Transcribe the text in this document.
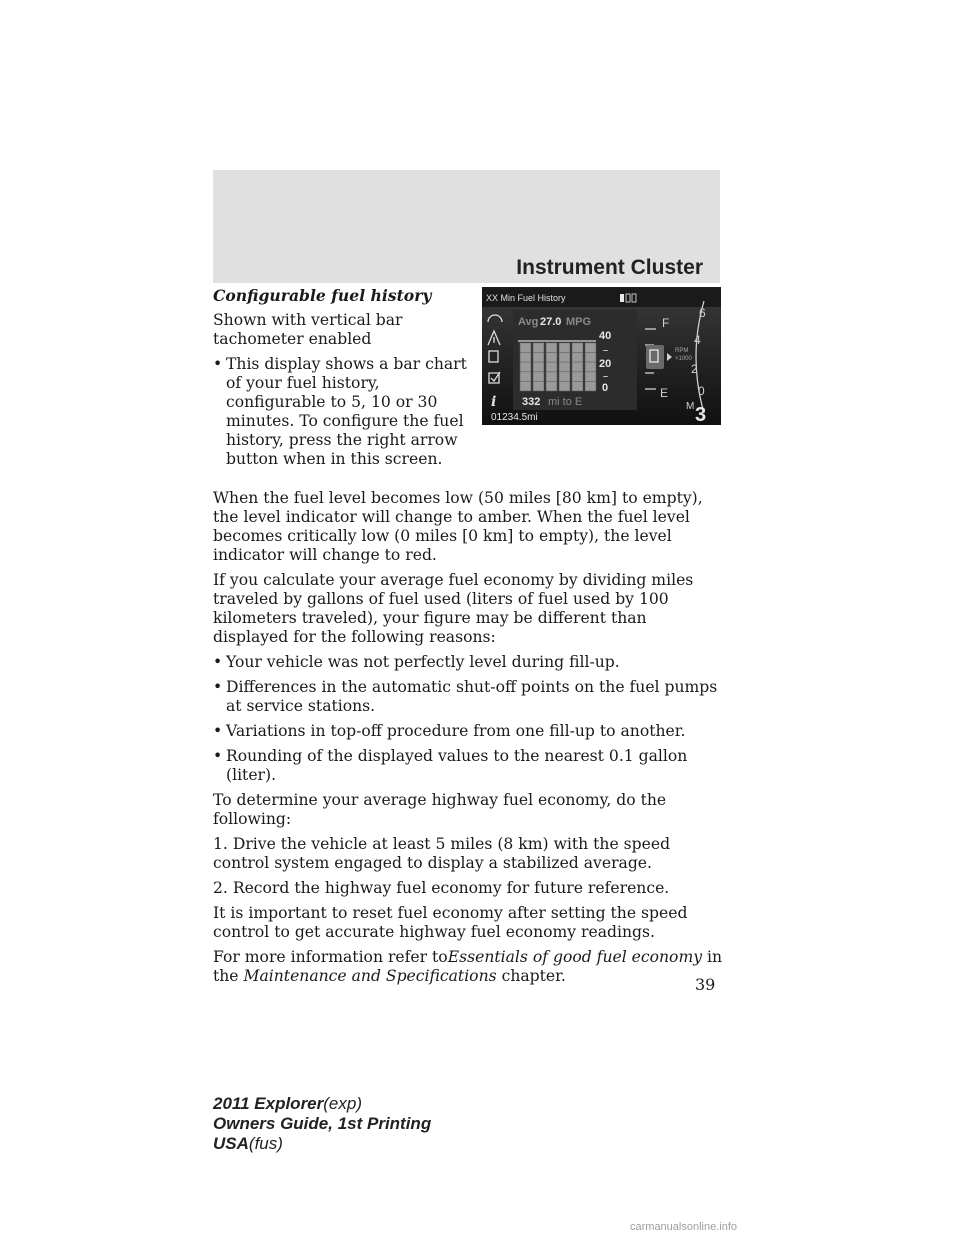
Instrument Cluster
XX Min Fuel History
i
Avg 27.0 MPG
40
–
20
–
0
332 mi to E
F
E
6
4
RPM
×1000
2
0
M 3
01234.5mi

Configurable fuel history

Shown with vertical bar tachometer enabled

• This display shows a bar chart of your fuel history, configurable to 5, 10 or 30 minutes. To configure the fuel history, press the right arrow button when in this screen.

When the fuel level becomes low (50 miles [80 km] to empty), the level indicator will change to amber. When the fuel level becomes critically low (0 miles [0 km] to empty), the level indicator will change to red.

If you calculate your average fuel economy by dividing miles traveled by gallons of fuel used (liters of fuel used by 100 kilometers traveled), your figure may be different than displayed for the following reasons:

• Your vehicle was not perfectly level during fill-up.
• Differences in the automatic shut-off points on the fuel pumps at service stations.
• Variations in top-off procedure from one fill-up to another.
• Rounding of the displayed values to the nearest 0.1 gallon (liter).

To determine your average highway fuel economy, do the following:

1. Drive the vehicle at least 5 miles (8 km) with the speed control system engaged to display a stabilized average.

2. Record the highway fuel economy for future reference.

It is important to reset fuel economy after setting the speed control to get accurate highway fuel economy readings.

For more information refer toEssentials of good fuel economy in the Maintenance and Specifications chapter.	39
2011 Explorer(exp)
Owners Guide, 1st Printing
USA(fus)
carmanualsonline.info
